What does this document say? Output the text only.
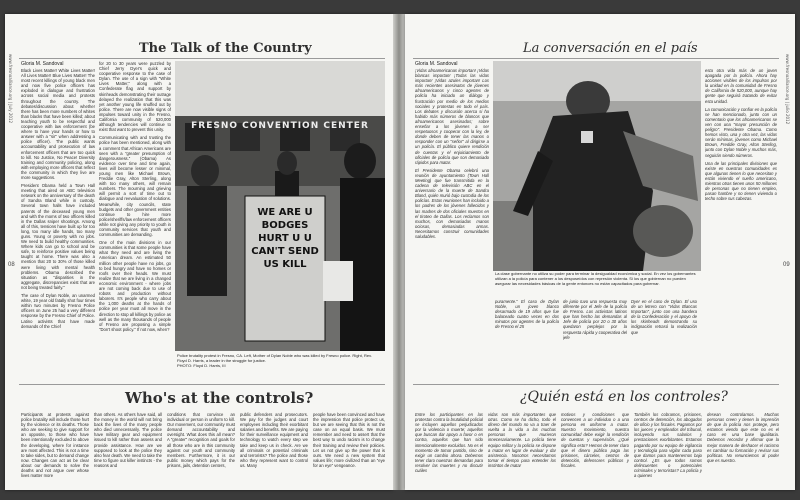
www.fresnoalliance.org | July 2012
08
The Talk of the Country
Gloria M. Sandoval

Black Lives Matter! White Lives Matter! All Lives Matter! Blue Lives Matter! The most recent killings of young black men and now five police officers has exploded in dialogue and frustration across social media and protests throughout the country. The debates/discussion about whether there has been more numbers of whites than blacks that have been killed; about teaching youth to be respectful and cooperative with law enforcement (be where to have your hands or how to answer with a "sir" when addressing a police officer). The public wants accountability and prosecution of law enforcement officers that are too quick to kill. No Justice, No Peace! Diversity training and community policing, along with employing more officers that reflect the community in which they live are more suggestions.

President Obama held a Town Hall meeting that aired on ABC television network on the anniversary of the death of Sandra Bland while in custody. Several town halls have included parents of the deceased young men and with the moms of two officers killed in the Dallas sniper shootings. Among all of this, tensions have built up for too long, too many idle hands, too many guns. Young or poverty with no jobs. We need to build healthy communities. Where kids can go to school and be safe, to reinforce positive values being taught at home. There was also a mention that 20 to 30% of those killed were living with mental health problems. Obama described the situation as "disparities in the aggregate, discrepancies exist that are not being treated fairly."

The case of Dylan Noble, an unarmed white, 19 year old fatally shot four times within two minutes by Fresno Police officers on June 25 had a very different response by the Fresno Chief of Police. Latino activists that have made demands of the Chief

for 20 to 30 years were puzzled by Chief Jerry Dyer's quick and cooperative response to the case of Dylan. The use of a sign with "White Lives Matter," along with a Confederate flag and support by skinheads demonstrating their outrage delayed the realization that this was yet another young life snuffed out by police. There are now visible signs of impulses toward unity in the Fresno, California community of 520,000 although tendencies will continue to exist that want to prevent this unity.

Communicating with and trusting the police has been mentioned, along with a comment that African Americans are seen with a "greater presumption of dangerousness." (Obama) As evidence over time and time again, lives will become lesser or minimal, young men like Michael Brown, Freddie Gray, Alton Sterling, along with too many others, will remain numbers. The mourning and grieving will permit a sort of time out to dialogue and reevaluation of solutions. Meanwhile, city councils, state budgets and other government entities continue to hire more police/sheriffs/law enforcement officers while not giving any priority to youth in community services that youth and communities are demanding.

One of the main divisions in our communities is that some people have what they need and are living the American dream. An estimated 50 million other people have no jobs, go to bed hungry and have no homes or roofs over their heads. We must realize that we are living in a changed economic environment - where jobs are not coming back due to use of robots and production without laborers. It's people who carry about the 1,000 deaths at the hands of police per year must all move in the direction to stop all killings by police as well as the many thousands of people of Fresno are proposing a simple "Don't shoot policy." If not now, when?

FRESNO CONVENTION CENTER
WE ARE U BODGES HURT U U CAN'T SEND US KILL
Police brutality protest in Fresno, CA. Left, Mother of Dylan Noble who was killed by Fresno police. Right, Rev. Floyd D. Harris, a leader in the struggle for justice.
PHOTO: Floyd D. Harris, III
Who's at the controls?
Participants at protests against police brutality will include those hurt by the violence or its deaths. Those who are seeking to give support for an opposite, to those who have been intentionally excluded to above the developing, where for instance are most affected. This is not a time to take sides, but to demand change now. Changes can act as be clear about our demands to solve the deaths and not argue over whose lives matter more
than others. As others have said, all the money in the world will not bring back the lives of the many people who died unnecessarily. The police have military gear and equipment issued to kill rather than assess and provide assistance. How are we supposed to look at the police they also fear death. We need to take the time to figure out killer instincts - the reasons and
conditions that convince an individual or person in uniform to kill. Our movement, our community must demand accountability and oversight. What does this all mean? A "greater" recognition and goals for all those who are in this community against our youth and community members. Furthermore, it is our public money which pays for the prisons, jails, detention centers,
public defenders and prosecutors. We pay for the judges and court employees including their exorbitant salaries and benefits. We are paying for their surveillance equipment and technology to watch every step we take and keep us in check. Are we all criminals or potential criminals and terrorists? The police and those who they represent want to control us. Many
people have been convinced and have the impression that police protect us, but we are seeing that this is not the case on an equal basis. We must remember and need to assert that the best way to undo racism is to change their training and review their policies. Let us not give up the power that is ours. We need a new system that values life; more civilized than an "eye for an eye" vengeance.
www.fresnoalliance.org | julio 2012
09
La conversación en el país
Gloria M. Sandoval

¡Vidas afroamericanas importan! ¡Vidas blancas importan! ¡Todas las vidas importan! ¡Vidas azules importan! Los más recientes asesinatos de jóvenes afroamericanos y cinco agentes de policía ha iniciado un diálogo y frustración por medio de los medios sociales y protestas en todo el país. Los debates y discusión acerca si ha habido más números de blancos que afroamericanos asesinados; sobre enseñar a los jóvenes a ser respetuosos y cooperar con la ley, de donde deben de tener las manos o responder con un "señor" al dirigirse a un policía. El público quiere rendición de cuentas y el enjuiciamiento de oficiales de policía que son demasiado rápidos para matar.

El Presidente Obama celebró una reunión de ayuntamiento (Town Hall Meeting) que fue transmitida en la cadena de televisión ABC en el aniversario de la muerte de Sandra Bland, quién murió bajo custodia de los policías. Estas reuniones han incluido a los padres de los jóvenes fallecidos y las madres de dos oficiales muertos en el tiroteo de Dallas. Los reclamos son muchos, con demasiadas manos ociosas, demasiadas armas. Necesitamos construir comunidades saludables.

La clase gobernante no utiliza su poder para terminar la desigualdad económica y social. En vez los gobernantes utilizan a la policía para contener a los desposeídos con represión violenta. Si los que gobiernan no pueden asegurar las necesidades básicas de la gente entonces no están capacitados para gobernar.
puramente." El caso de Dylan Noble, un joven blanco desarmado de 19 años que fue balaceado cuatro veces en dos minutos por agentes de la policía de Fresno el 25
de junio tuvo una respuesta muy diferente por el Jefe de la policía de Fresno. Los activistas latinos que han hecho las demandas al Jefe de policía por 20 o 30 años quedaron perplejos por la respuesta rápida y cooperativa del jefe
Dyer en el caso de Dylan. El uso de un letrero con "Vidas Blancas Importan", junto con una bandera de la Confederación y el apoyo de los skinheads demostrando su indignación retrasó la realización que

esta otra vida más de un joven apagada por la policía. Ahora hay acciones visibles de los impulsos por la unidad en la comunidad de Fresno de California de 520,000, aunque hay gente que seguirá tratando de evitar esta unidad.

La comunicación y confiar en la policía se han mencionado, junto con un comentario que los afroamericanos se ven con una "mayor presunción de peligro". Presidente Obama. Como hemos visto, una y otra vez, las vidas serán mínimas, jóvenes como Michael Brown, Freddie Gray, Alton Sterling, junto con Dylan Noble y muchos más, seguirán siendo números.

Una de las principales divisiones que existe en nuestras comunidades es que algunas tienen lo que necesitan y están viviendo el sueño americano, mientras otras tienen unos 50 millones de personas que no tienen empleo, pasan hambre y no tienen vivienda o techo sobre sus cabezas.

¿Quién está en los controles?
Entre los participantes en las protestas contra la brutalidad policial se incluyen aquellos perjudicados por la violencia o muerte; aquellos que buscan dar apoyo a favor o en contra, aquellos que han sido intencionalmente excluidos. No es el momento de tomar partido, sino de exigir un cambio ahora. Debemos tener claro nuestras demandas para resolver las muertes y no discutir cuáles
vidas son más importantes que otras. Como se ha dicho, todo el dinero del mundo no va a traer de vuelta a la vida a las muchas personas que murieron innecesariamente. La policía tiene equipo militar y la policía se dispone a matar en lugar de evaluar y dar asistencia. Nosotros necesitamos tomar el tiempo para entender los instintos de matar
motivos y condiciones que convencen a un individuo o a una persona en uniforme a matar. Nuestro movimiento, nuestra comunidad debe exigir la rendición de cuentas y supervisión. ¿Qué significa esto? Hemos de tener claro que el dinero público paga las prisiones, cárceles, centros de detención, defensores públicos y fiscales.
También los cobramos, prisiones, centros de detención, los abogados de oficio y los fiscales. Pagamos por los jueces y empleados del tribunal, incluyendo sus salarios y prestaciones exorbitantes. Estamos pagando por su equipo de vigilancia y tecnología para vigilar cada paso que damos para mantenernos bajo control. ¿Es que todos somos delincuentes o potenciales criminales y terroristas? La policía y a quienes
desean controlarnos. Muchas personas creen y tienen la impresión de que la policía nos protege, pero estamos viendo que este no es el caso en una base igualitaria. Debemos recordar y afirmar que la mejor manera de deshacer el racismo es cambiar su formación y revisar sus políticas. No renunciemos al poder que es nuestro.
